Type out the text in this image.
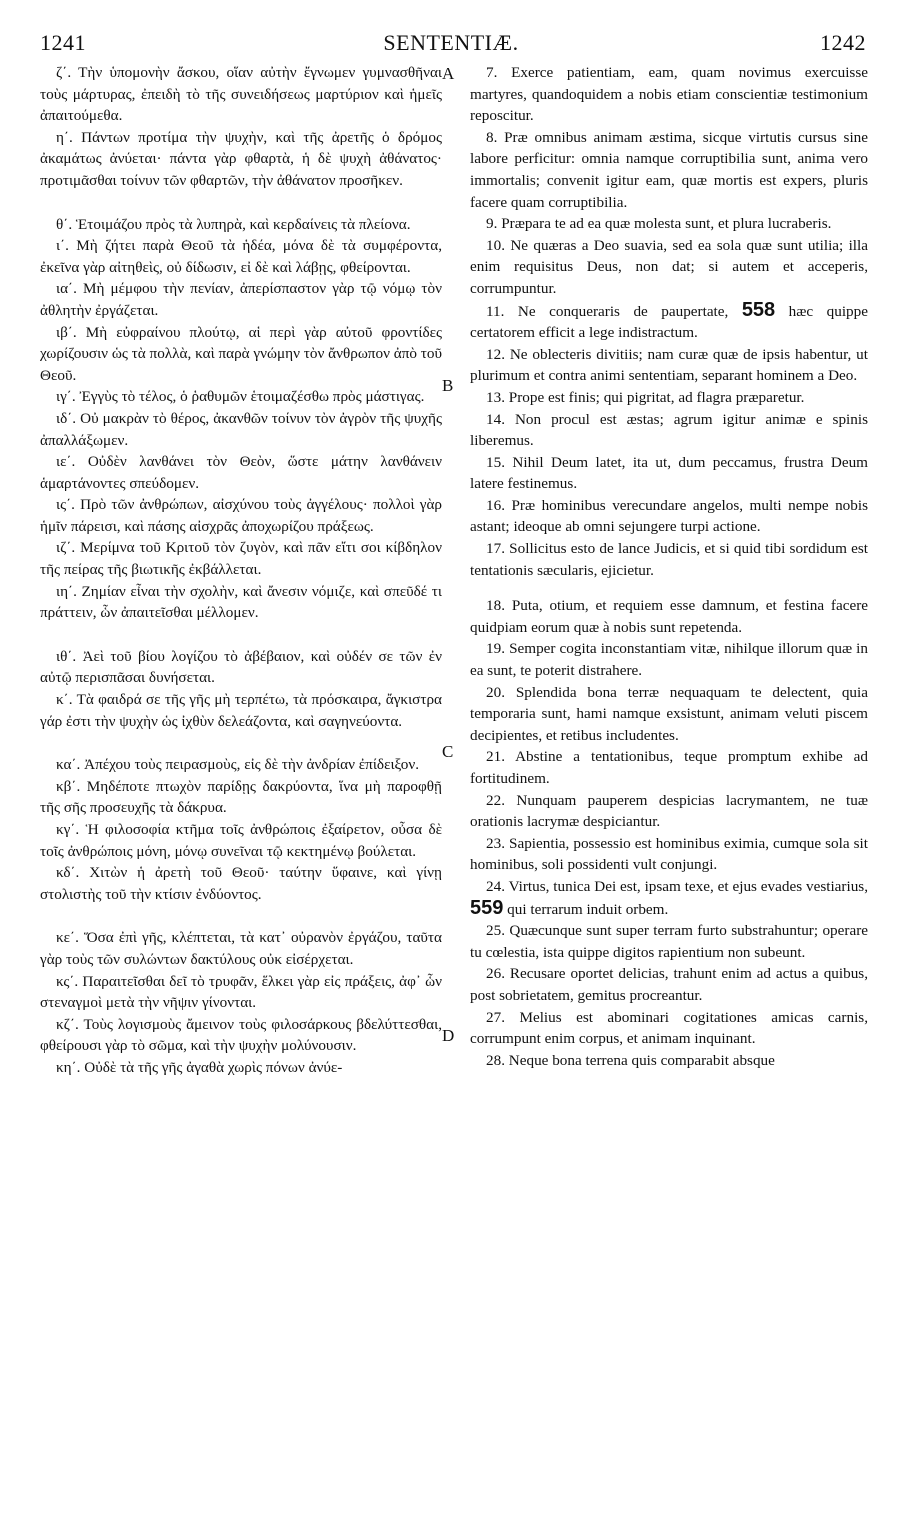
1241	SENTENTIÆ.	1242

ζ΄. Τὴν ὑπομονὴν ἄσκου, οἵαν αὐτὴν ἔγνωμεν γυμνασθῆναι τοὺς μάρτυρας, ἐπειδὴ τὸ τῆς συνειδήσεως μαρτύριον καὶ ἡμεῖς ἀπαιτούμεθα.

η΄. Πάντων προτίμα τὴν ψυχὴν, καὶ τῆς ἀρετῆς ὁ δρόμος ἀκαμάτως ἀνύεται· πάντα γὰρ φθαρτὰ, ἡ δὲ ψυχὴ ἀθάνατος· προτιμᾶσθαι τοίνυν τῶν φθαρτῶν, τὴν ἀθάνατον προσῆκεν.

θ΄. Ἑτοιμάζου πρὸς τὰ λυπηρὰ, καὶ κερδαίνεις τὰ πλείονα.

ι΄. Μὴ ζήτει παρὰ Θεοῦ τὰ ἡδέα, μόνα δὲ τὰ συμφέροντα, ἐκεῖνα γὰρ αἰτηθεὶς, οὐ δίδωσιν, εἰ δὲ καὶ λάβῃς, φθείρονται.

ια΄. Μὴ μέμφου τὴν πενίαν, ἀπερίσπαστον γὰρ τῷ νόμῳ τὸν ἀθλητὴν ἐργάζεται.

ιβ΄. Μὴ εὐφραίνου πλούτῳ, αἱ περὶ γὰρ αὐτοῦ φροντίδες χωρίζουσιν ὡς τὰ πολλὰ, καὶ παρὰ γνώμην τὸν ἄνθρωπον ἀπὸ τοῦ Θεοῦ.

ιγ΄. Ἐγγὺς τὸ τέλος, ὁ ῥαθυμῶν ἑτοιμαζέσθω πρὸς μάστιγας.

ιδ΄. Οὐ μακρὰν τὸ θέρος, ἀκανθῶν τοίνυν τὸν ἀγρὸν τῆς ψυχῆς ἀπαλλάξωμεν.

ιε΄. Οὐδὲν λανθάνει τὸν Θεὸν, ὥστε μάτην λανθάνειν ἁμαρτάνοντες σπεύδομεν.

ις΄. Πρὸ τῶν ἀνθρώπων, αἰσχύνου τοὺς ἀγγέλους· πολλοὶ γὰρ ἡμῖν πάρεισι, καὶ πάσης αἰσχρᾶς ἀποχωρίζου πράξεως.

ιζ΄. Μερίμνα τοῦ Κριτοῦ τὸν ζυγὸν, καὶ πᾶν εἴτι σοι κίβδηλον τῆς πείρας τῆς βιωτικῆς ἐκβάλλεται.

ιη΄. Ζημίαν εἶναι τὴν σχολὴν, καὶ ἄνεσιν νόμιζε, καὶ σπεῦδέ τι πράττειν, ὧν ἀπαιτεῖσθαι μέλλομεν.

ιθ΄. Ἀεὶ τοῦ βίου λογίζου τὸ ἀβέβαιον, καὶ οὐδέν σε τῶν ἐν αὐτῷ περισπᾶσαι δυνήσεται.

κ΄. Τὰ φαιδρά σε τῆς γῆς μὴ τερπέτω, τὰ πρόσκαιρα, ἄγκιστρα γάρ ἐστι τὴν ψυχὴν ὡς ἰχθὺν δελεάζοντα, καὶ σαγηνεύοντα.

κα΄. Ἀπέχου τοὺς πειρασμοὺς, εἰς δὲ τὴν ἀνδρίαν ἐπίδειξον.

κβ΄. Μηδέποτε πτωχὸν παρίδῃς δακρύοντα, ἵνα μὴ παροφθῇ τῆς σῆς προσευχῆς τὰ δάκρυα.

κγ΄. Ἡ φιλοσοφία κτῆμα τοῖς ἀνθρώποις ἐξαίρετον, οὖσα δὲ τοῖς ἀνθρώποις μόνη, μόνῳ συνεῖναι τῷ κεκτημένῳ βούλεται.

κδ΄. Χιτὼν ἡ ἀρετὴ τοῦ Θεοῦ· ταύτην ὕφαινε, καὶ γίνῃ στολιστὴς τοῦ τὴν κτίσιν ἐνδύοντος.

κε΄. Ὅσα ἐπὶ γῆς, κλέπτεται, τὰ κατ᾽ οὐρανὸν ἐργάζου, ταῦτα γὰρ τοὺς τῶν συλώντων δακτύλους οὐκ εἰσέρχεται.

κς΄. Παραιτεῖσθαι δεῖ τὸ τρυφᾶν, ἕλκει γὰρ εἰς πράξεις, ἀφ᾽ ὧν στεναγμοὶ μετὰ τὴν νῆψιν γίνονται.

κζ΄. Τοὺς λογισμοὺς ἄμεινον τοὺς φιλοσάρκους βδελύττεσθαι, φθείρουσι γὰρ τὸ σῶμα, καὶ τὴν ψυχὴν μολύνουσιν.

κη΄. Οὐδὲ τὰ τῆς γῆς ἀγαθὰ χωρὶς πόνων ἀνύε-

A
B
C
D

7. Exerce patientiam, eam, quam novimus exercuisse martyres, quandoquidem a nobis etiam conscientiæ testimonium reposcitur.

8. Præ omnibus animam æstima, sicque virtutis cursus sine labore perficitur: omnia namque corruptibilia sunt, anima vero immortalis; convenit igitur eam, quæ mortis est expers, pluris facere quam corruptibilia.

9. Præpara te ad ea quæ molesta sunt, et plura lucraberis.

10. Ne quæras a Deo suavia, sed ea sola quæ sunt utilia; illa enim requisitus Deus, non dat; si autem et acceperis, corrumpuntur.

11. Ne conqueraris de paupertate, 558 hæc quippe certatorem efficit a lege indistractum.

12. Ne oblecteris divitiis; nam curæ quæ de ipsis habentur, ut plurimum et contra animi sententiam, separant hominem a Deo.

13. Prope est finis; qui pigritat, ad flagra præparetur.

14. Non procul est æstas; agrum igitur animæ e spinis liberemus.

15. Nihil Deum latet, ita ut, dum peccamus, frustra Deum latere festinemus.

16. Præ hominibus verecundare angelos, multi nempe nobis astant; ideoque ab omni sejungere turpi actione.

17. Sollicitus esto de lance Judicis, et si quid tibi sordidum est tentationis sæcularis, ejicietur.

18. Puta, otium, et requiem esse damnum, et festina facere quidpiam eorum quæ à nobis sunt repetenda.

19. Semper cogita inconstantiam vitæ, nihilque illorum quæ in ea sunt, te poterit distrahere.

20. Splendida bona terræ nequaquam te delectent, quia temporaria sunt, hami namque exsistunt, animam veluti piscem decipientes, et retibus includentes.

21. Abstine a tentationibus, teque promptum exhibe ad fortitudinem.

22. Nunquam pauperem despicias lacrymantem, ne tuæ orationis lacrymæ despiciantur.

23. Sapientia, possessio est hominibus eximia, cumque sola sit hominibus, soli possidenti vult conjungi.

24. Virtus, tunica Dei est, ipsam texe, et ejus evades vestiarius, 559 qui terrarum induit orbem.

25. Quæcunque sunt super terram furto substrahuntur; operare tu cœlestia, ista quippe digitos rapientium non subeunt.

26. Recusare oportet delicias, trahunt enim ad actus a quibus, post sobrietatem, gemitus procreantur.

27. Melius est abominari cogitationes amicas carnis, corrumpunt enim corpus, et animam inquinant.

28. Neque bona terrena quis comparabit absque
